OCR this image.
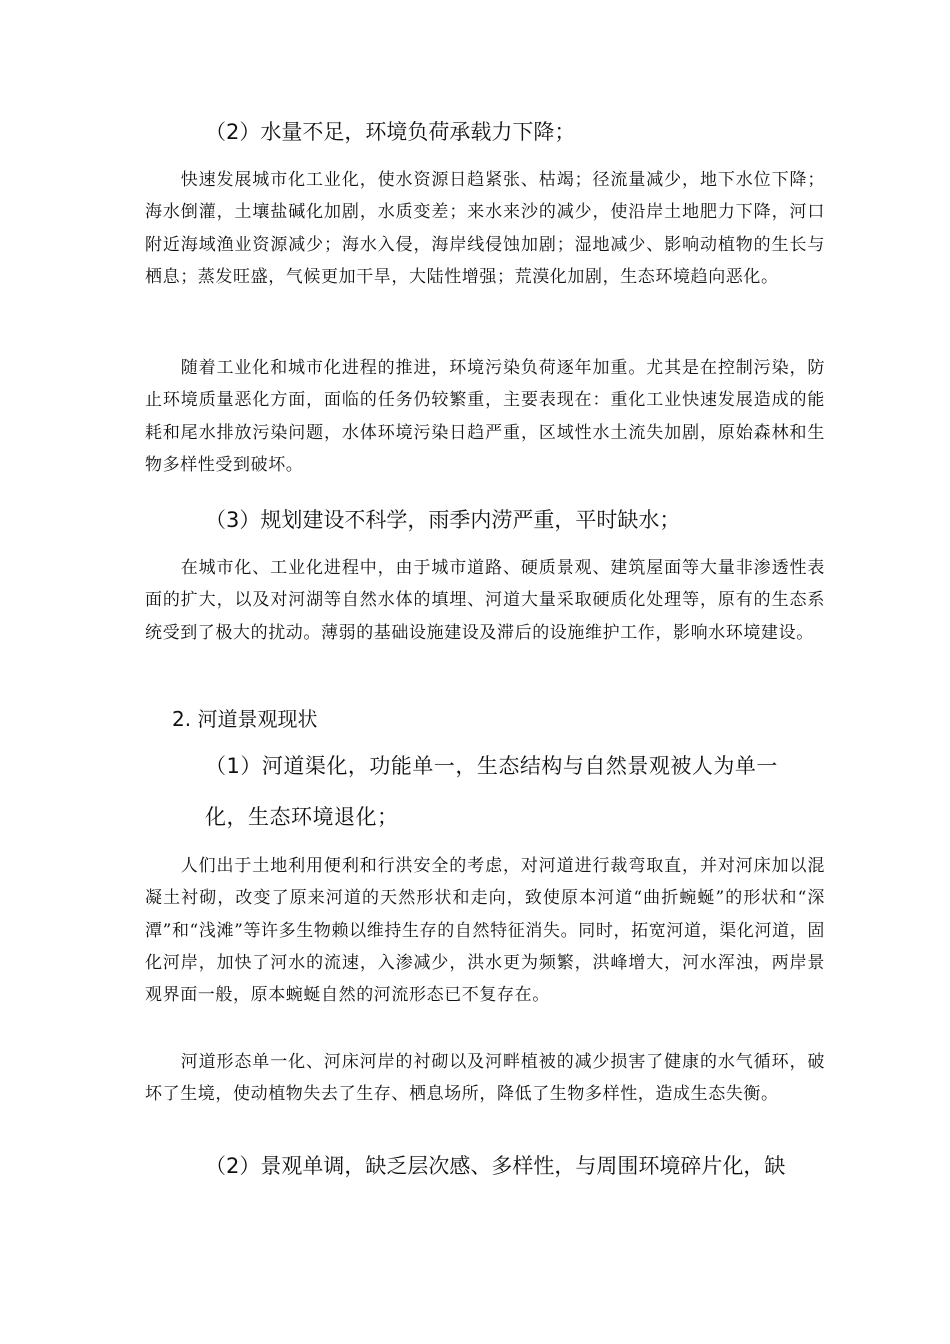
（2）水量不足，环境负荷承载力下降；

快速发展城市化工业化，使水资源日趋紧张、枯竭；径流量减少，地下水位下降；海水倒灌，土壤盐碱化加剧，水质变差；来水来沙的减少，使沿岸土地肥力下降，河口附近海域渔业资源减少；海水入侵，海岸线侵蚀加剧；湿地减少、影响动植物的生长与栖息；蒸发旺盛，气候更加干旱，大陆性增强；荒漠化加剧，生态环境趋向恶化。

随着工业化和城市化进程的推进，环境污染负荷逐年加重。尤其是在控制污染，防止环境质量恶化方面，面临的任务仍较繁重，主要表现在：重化工业快速发展造成的能耗和尾水排放污染问题，水体环境污染日趋严重，区域性水土流失加剧，原始森林和生物多样性受到破坏。

（3）规划建设不科学，雨季内涝严重，平时缺水；

在城市化、工业化进程中，由于城市道路、硬质景观、建筑屋面等大量非渗透性表面的扩大，以及对河湖等自然水体的填埋、河道大量采取硬质化处理等，原有的生态系统受到了极大的扰动。薄弱的基础设施建设及滞后的设施维护工作，影响水环境建设。

2. 河道景观现状
（1）河道渠化，功能单一，生态结构与自然景观被人为单一
化，生态环境退化；

人们出于土地利用便利和行洪安全的考虑，对河道进行裁弯取直，并对河床加以混凝土衬砌，改变了原来河道的天然形状和走向，致使原本河道“曲折蜿蜒”的形状和“深潭”和“浅滩”等许多生物赖以维持生存的自然特征消失。同时，拓宽河道，渠化河道，固化河岸，加快了河水的流速，入渗减少，洪水更为频繁，洪峰增大，河水浑浊，两岸景观界面一般，原本蜿蜒自然的河流形态已不复存在。

河道形态单一化、河床河岸的衬砌以及河畔植被的减少损害了健康的水气循环，破坏了生境，使动植物失去了生存、栖息场所，降低了生物多样性，造成生态失衡。

（2）景观单调，缺乏层次感、多样性，与周围环境碎片化，缺
